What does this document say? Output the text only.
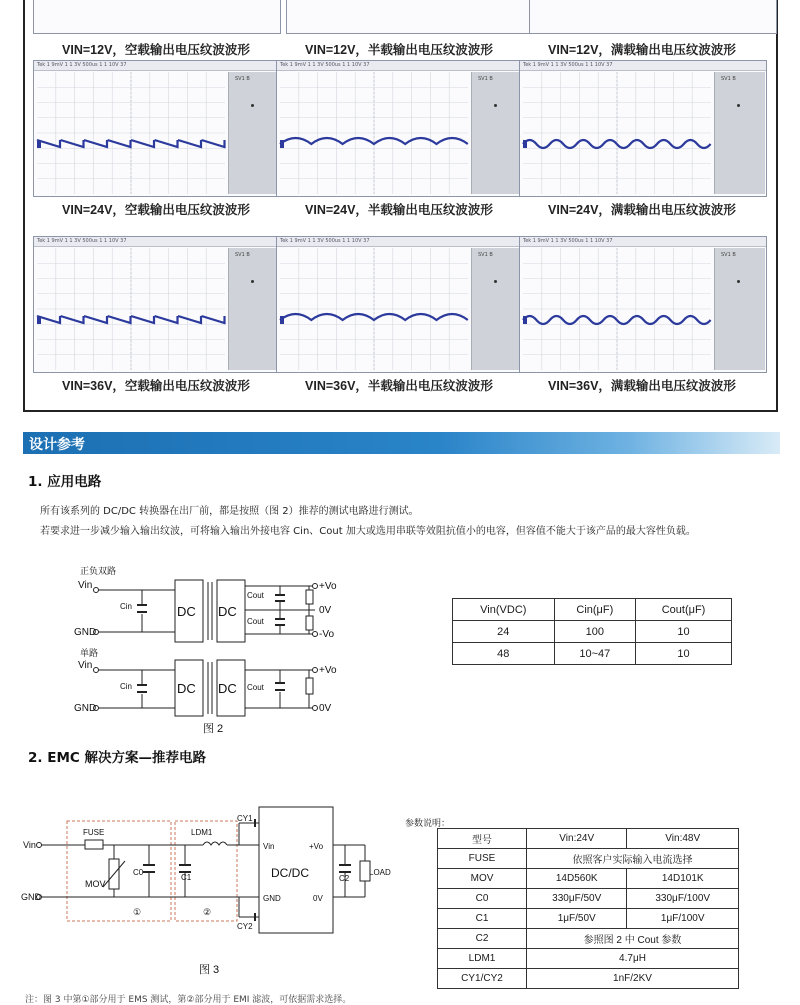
VIN=12V，空载输出电压纹波波形	VIN=12V，半载输出电压纹波波形	VIN=12V，满载输出电压纹波波形
Tek 1 9mV 1 1 3V 500us 1 1 10V 37
SV1 B
VIN=24V，空载输出电压纹波波形
Tek 1 9mV 1 1 3V 500us 1 1 10V 37
SV1 B
VIN=24V，半载输出电压纹波波形
Tek 1 9mV 1 1 3V 500us 1 1 10V 37
SV1 B
VIN=24V，满载输出电压纹波波形
Tek 1 9mV 1 1 3V 500us 1 1 10V 37
SV1 B
VIN=36V，空载输出电压纹波波形
Tek 1 9mV 1 1 3V 500us 1 1 10V 37
SV1 B
VIN=36V，半载输出电压纹波波形
Tek 1 9mV 1 1 3V 500us 1 1 10V 37
SV1 B
VIN=36V，满载输出电压纹波波形
设计参考
1. 应用电路
所有该系列的 DC/DC 转换器在出厂前，都是按照（图 2）推荐的测试电路进行测试。
若要求进一步减少输入输出纹波，可将输入输出外接电容 Cin、Cout 加大或选用串联等效阻抗值小的电容，但容值不能大于该产品的最大容性负载。
正负双路
Vin
GND
Cin	DC DC
Cout
Cout
+Vo
0V
-Vo
单路
Vin
GND
Cin	DC DC Cout
+Vo
0V
图 2
Vin(VDC)	Cin(μF)	Cout(μF)
24	100	10
48	10~47	10
2. EMC 解决方案—推荐电路
Vin
GND
FUSE
MOV
C0
C1
LDM1
CY1
CY2
DC/DC
Vin
GND
+Vo
0V
C2
LOAD
①	②
图 3
参数说明：
型号	Vin:24V	Vin:48V
FUSE	依照客户实际输入电流选择	
MOV	14D560K	14D101K
C0	330μF/50V	330μF/100V
C1	1μF/50V	1μF/100V
C2	参照图 2 中 Cout 参数	
LDM1	4.7μH	
CY1/CY2	1nF/2KV	
注：图 3 中第①部分用于 EMS 测试，第②部分用于 EMI 滤波，可依据需求选择。
